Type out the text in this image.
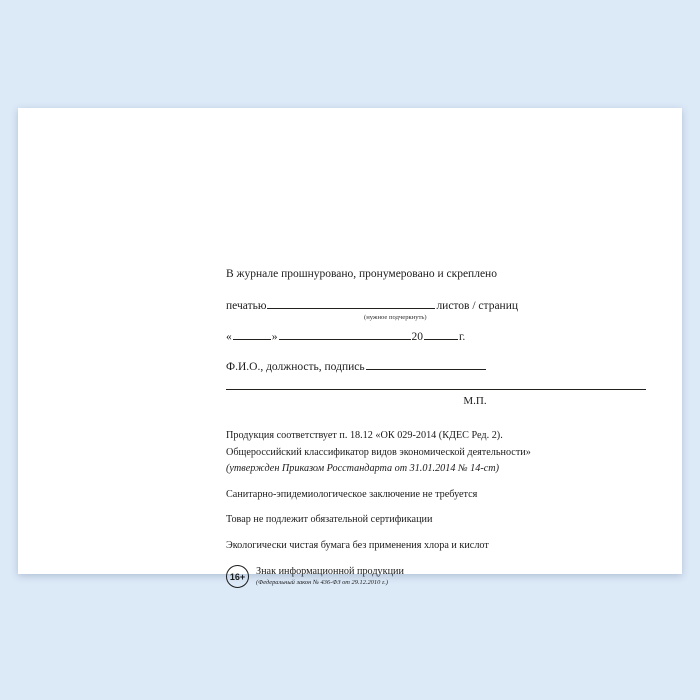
В журнале прошнуровано, пронумеровано и скреплено
печатью	листов / страниц
(нужное подчеркнуть)
«	»	20	г.
Ф.И.О., должность, подпись
М.П.
Продукция соответствует п. 18.12 «ОК 029-2014 (КДЕС Ред. 2).
Общероссийский классификатор видов экономической деятельности»
(утвержден Приказом Росстандарта от 31.01.2014 № 14-ст)
Санитарно-эпидемиологическое заключение не требуется
Товар не подлежит обязательной сертификации
Экологически чистая бумага без применения хлора и кислот
16+	Знак информационной продукции
(Федеральный закон № 436-ФЗ от 29.12.2010 г.)
